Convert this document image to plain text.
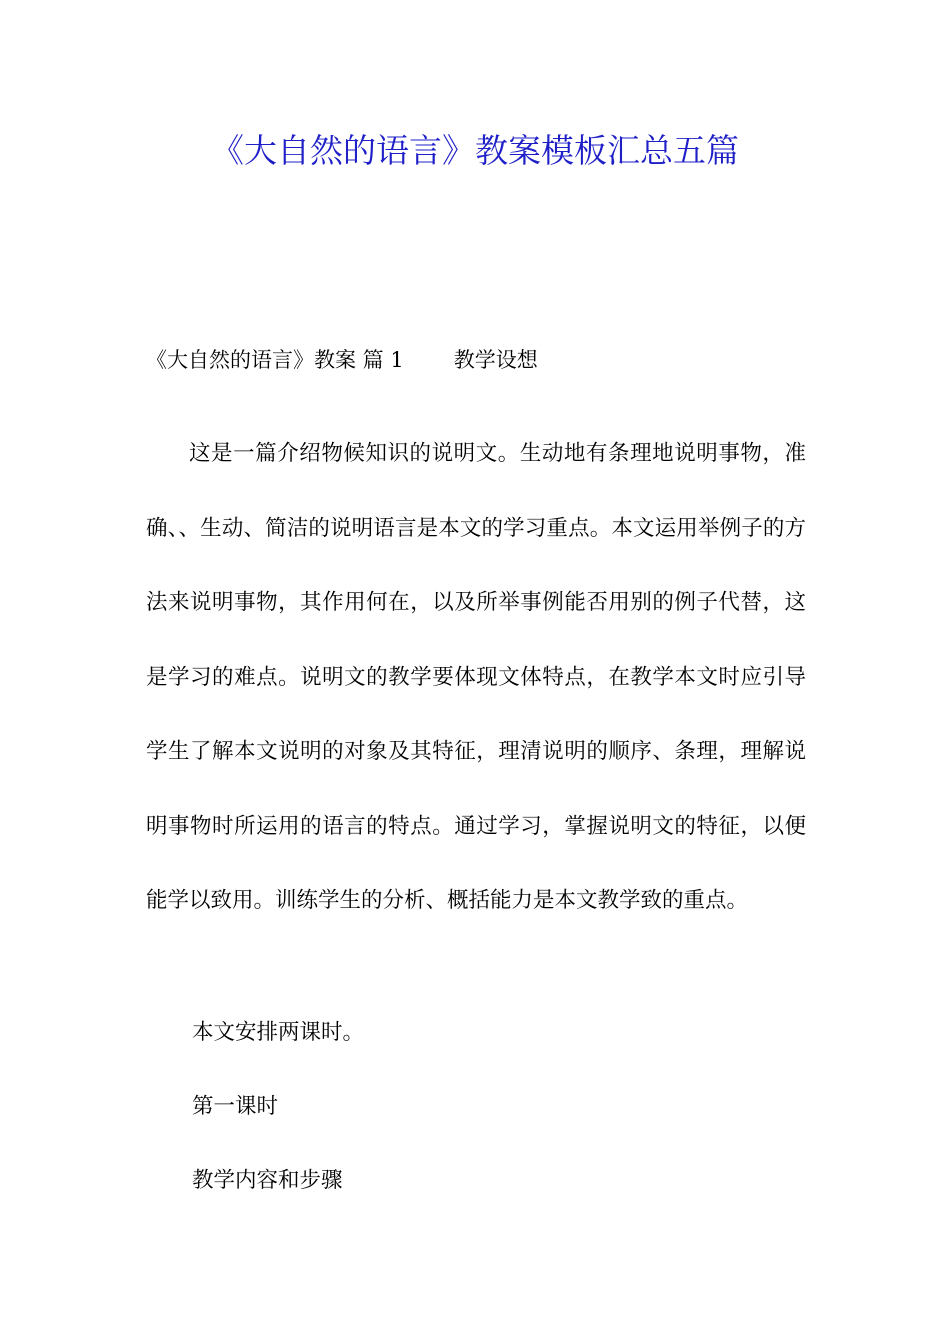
《大自然的语言》教案模板汇总五篇
《大自然的语言》教案 篇 1 教学设想

这是一篇介绍物候知识的说明文。生动地有条理地说明事物，准确、、生动、简洁的说明语言是本文的学习重点。本文运用举例子的方法来说明事物，其作用何在，以及所举事例能否用别的例子代替，这是学习的难点。说明文的教学要体现文体特点，在教学本文时应引导学生了解本文说明的对象及其特征，理清说明的顺序、条理，理解说明事物时所运用的语言的特点。通过学习，掌握说明文的特征，以便能学以致用。训练学生的分析、概括能力是本文教学致的重点。

本文安排两课时。
第一课时
教学内容和步骤
